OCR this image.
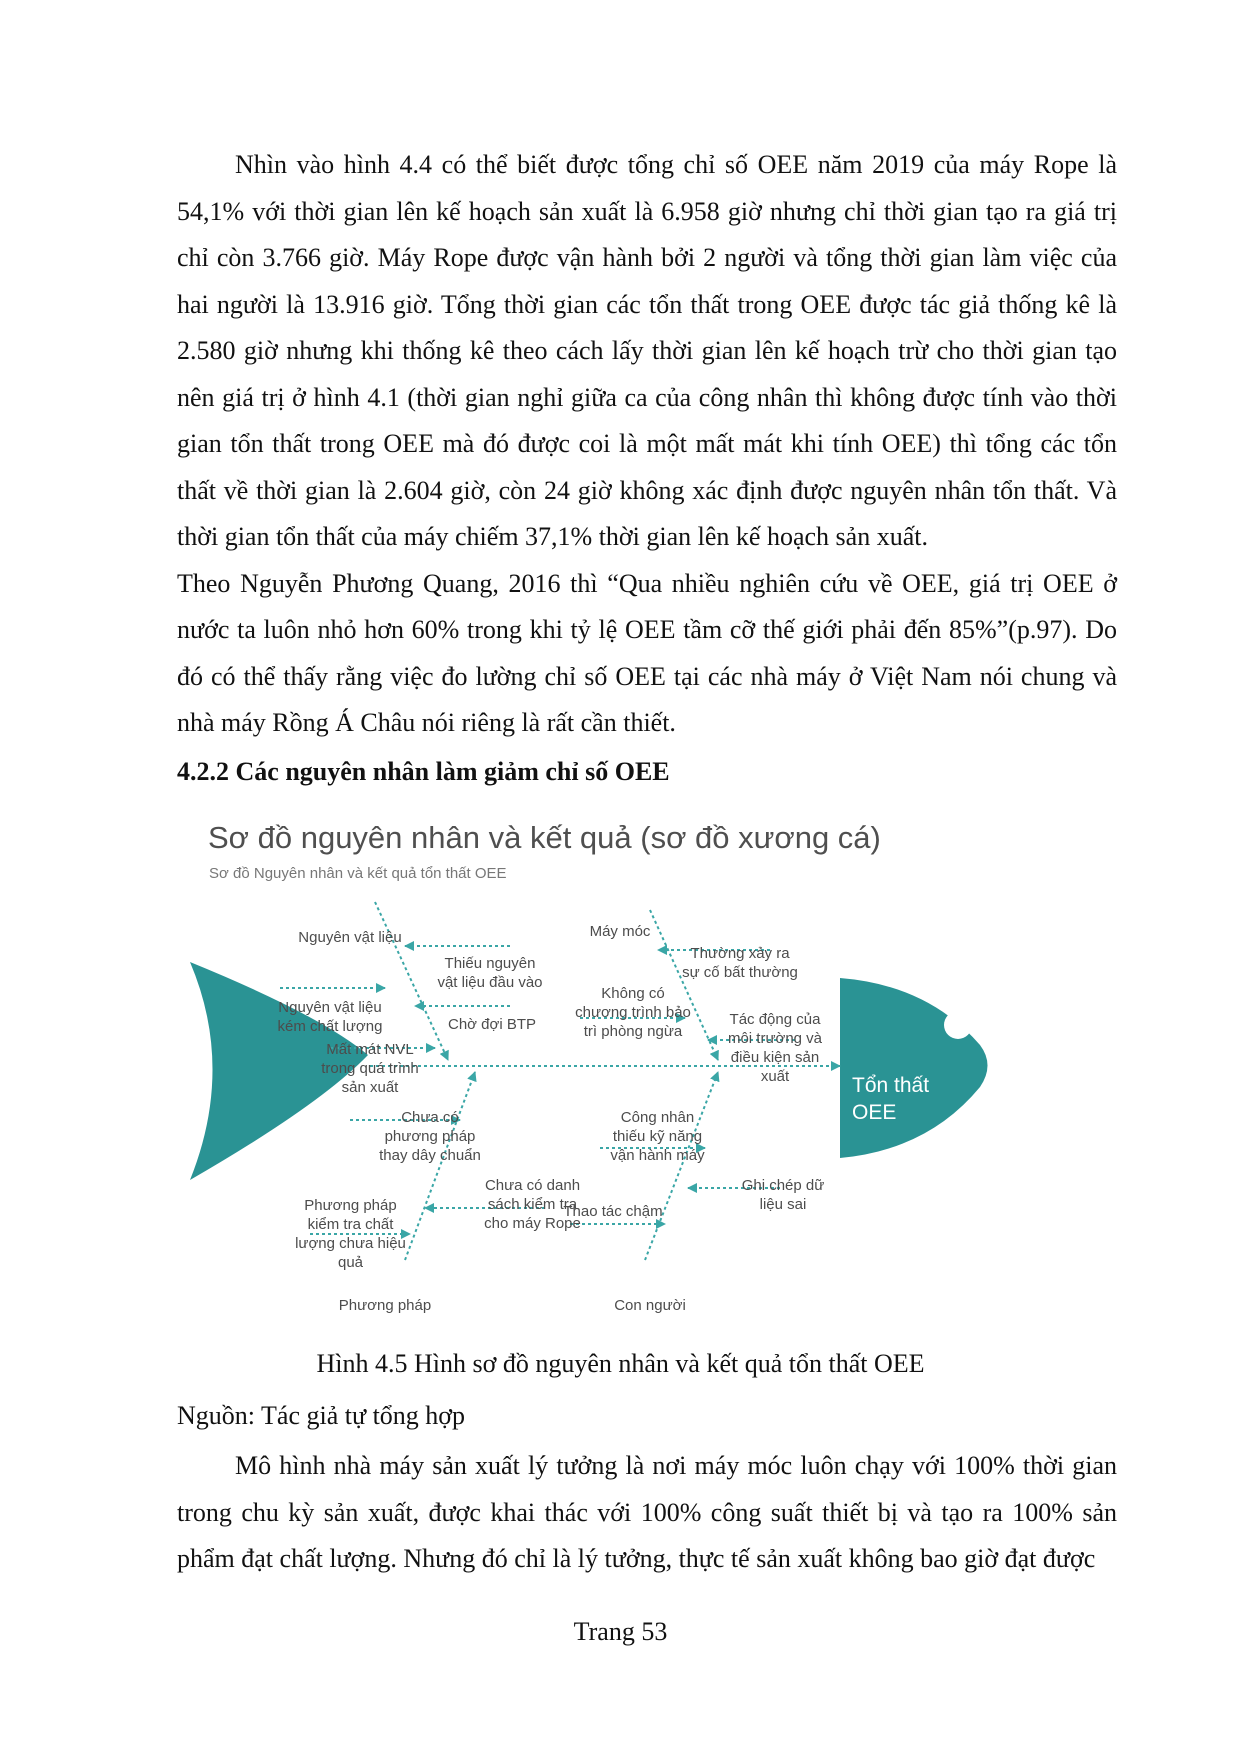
Nhìn vào hình 4.4 có thể biết được tổng chỉ số OEE năm 2019 của máy Rope là 54,1% với thời gian lên kế hoạch sản xuất là 6.958 giờ nhưng chỉ thời gian tạo ra giá trị chỉ còn 3.766 giờ. Máy Rope được vận hành bởi 2 người và tổng thời gian làm việc của hai người là 13.916 giờ. Tổng thời gian các tổn thất trong OEE được tác giả thống kê là 2.580 giờ nhưng khi thống kê theo cách lấy thời gian lên kế hoạch trừ cho thời gian tạo nên giá trị ở hình 4.1 (thời gian nghỉ giữa ca của công nhân thì không được tính vào thời gian tổn thất trong OEE mà đó được coi là một mất mát khi tính OEE) thì tổng các tổn thất về thời gian là 2.604 giờ, còn 24 giờ không xác định được nguyên nhân tổn thất. Và thời gian tổn thất của máy chiếm 37,1% thời gian lên kế hoạch sản xuất.

Theo Nguyễn Phương Quang, 2016 thì “Qua nhiều nghiên cứu về OEE, giá trị OEE ở nước ta luôn nhỏ hơn 60% trong khi tỷ lệ OEE tầm cỡ thế giới phải đến 85%”(p.97). Do đó có thể thấy rằng việc đo lường chỉ số OEE tại các nhà máy ở Việt Nam nói chung và nhà máy Rồng Á Châu nói riêng là rất cần thiết.

4.2.2 Các nguyên nhân làm giảm chỉ số OEE
Sơ đồ nguyên nhân và kết quả (sơ đồ xương cá)
Sơ đồ Nguyên nhân và kết quả tổn thất OEE
Nguyên vật liệu	Máy móc
Phương pháp	Con người
Thiếu nguyên
vật liệu đầu vào
Nguyên vật liệu
kém chất lượng	Chờ đợi BTP
Mất mát NVL
trong quá trình
sản xuất
Thường xảy ra
sự cố bất thường
Không có
chương trình bảo
trì phòng ngừa
Tác động của
môi trường và
điều kiện sản
xuất
Chưa có
phương pháp
thay dây chuẩn
Phương pháp
kiểm tra chất
lượng chưa hiệu
quả
Chưa có danh
sách kiểm tra
cho máy Rope
Công nhân
thiếu kỹ năng
vận hành máy
Ghi chép dữ
liệu sai
Thao tác chậm
Tổn thất
OEE
Hình 4.5 Hình sơ đồ nguyên nhân và kết quả tổn thất OEE
Nguồn: Tác giả tự tổng hợp

Mô hình nhà máy sản xuất lý tưởng là nơi máy móc luôn chạy với 100% thời gian trong chu kỳ sản xuất, được khai thác với 100% công suất thiết bị và tạo ra 100% sản phẩm đạt chất lượng. Nhưng đó chỉ là lý tưởng, thực tế sản xuất không bao giờ đạt được

Trang 53
